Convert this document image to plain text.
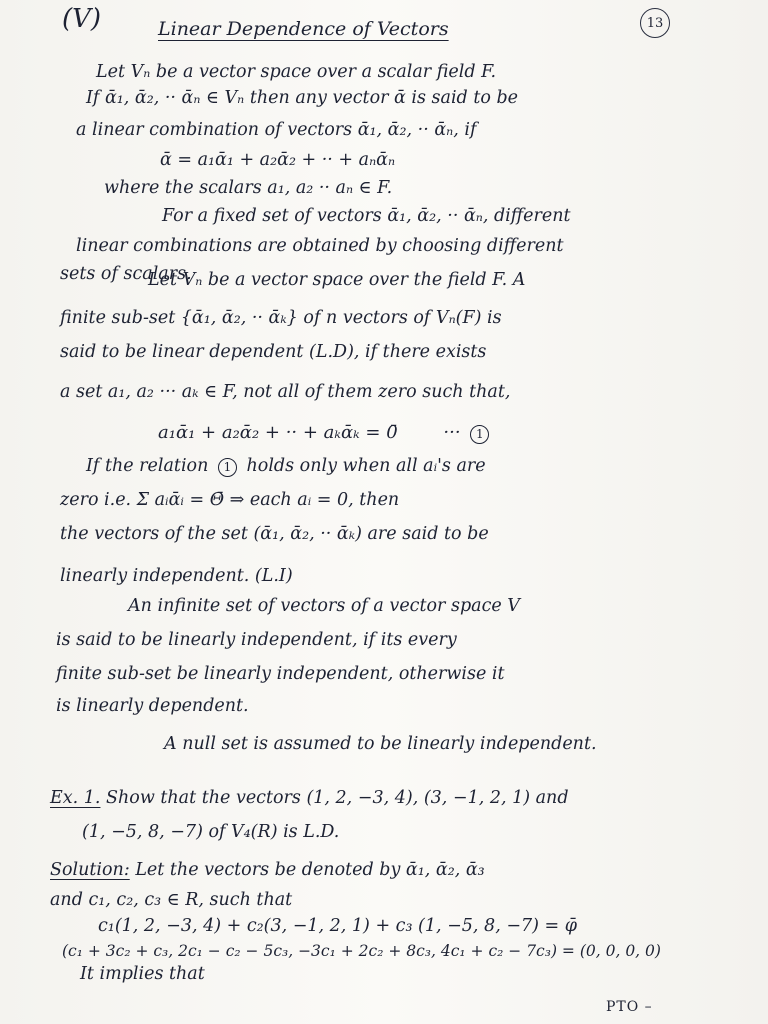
(V)	Linear Dependence of Vectors	13
Let Vₙ be a vector space over a scalar field F.
If ᾱ₁, ᾱ₂, ·· ᾱₙ ∈ Vₙ then any vector ᾱ is said to be
a linear combination of vectors ᾱ₁, ᾱ₂, ·· ᾱₙ, if
ᾱ = a₁ᾱ₁ + a₂ᾱ₂ + ·· + aₙᾱₙ
where the scalars a₁, a₂ ·· aₙ ∈ F.
For a fixed set of vectors ᾱ₁, ᾱ₂, ·· ᾱₙ, different
linear combinations are obtained by choosing different
sets of scalars.
Let Vₙ be a vector space over the field F. A
finite sub-set {ᾱ₁, ᾱ₂, ·· ᾱₖ} of n vectors of Vₙ(F) is
said to be linear dependent (L.D), if there exists
a set a₁, a₂ ··· aₖ ∈ F, not all of them zero such that,
a₁ᾱ₁ + a₂ᾱ₂ + ·· + aₖᾱₖ = 0̄	··· 1
If the relation 1 holds only when all aᵢ's are
zero i.e. Σ aᵢᾱᵢ = Θ̄ ⇒ each aᵢ = 0, then
the vectors of the set (ᾱ₁, ᾱ₂, ·· ᾱₖ) are said to be
linearly independent. (L.I)
An infinite set of vectors of a vector space V
is said to be linearly independent, if its every
finite sub-set be linearly independent, otherwise it
is linearly dependent.
A null set is assumed to be linearly independent.
Ex. 1. Show that the vectors (1, 2, −3, 4), (3, −1, 2, 1) and
(1, −5, 8, −7) of V₄(R) is L.D.
Solution: Let the vectors be denoted by ᾱ₁, ᾱ₂, ᾱ₃
and c₁, c₂, c₃ ∈ R, such that
c₁(1, 2, −3, 4) + c₂(3, −1, 2, 1) + c₃ (1, −5, 8, −7) = φ̄
(c₁ + 3c₂ + c₃, 2c₁ − c₂ − 5c₃, −3c₁ + 2c₂ + 8c₃, 4c₁ + c₂ − 7c₃) = (0, 0, 0, 0)
It implies that
PTO –
